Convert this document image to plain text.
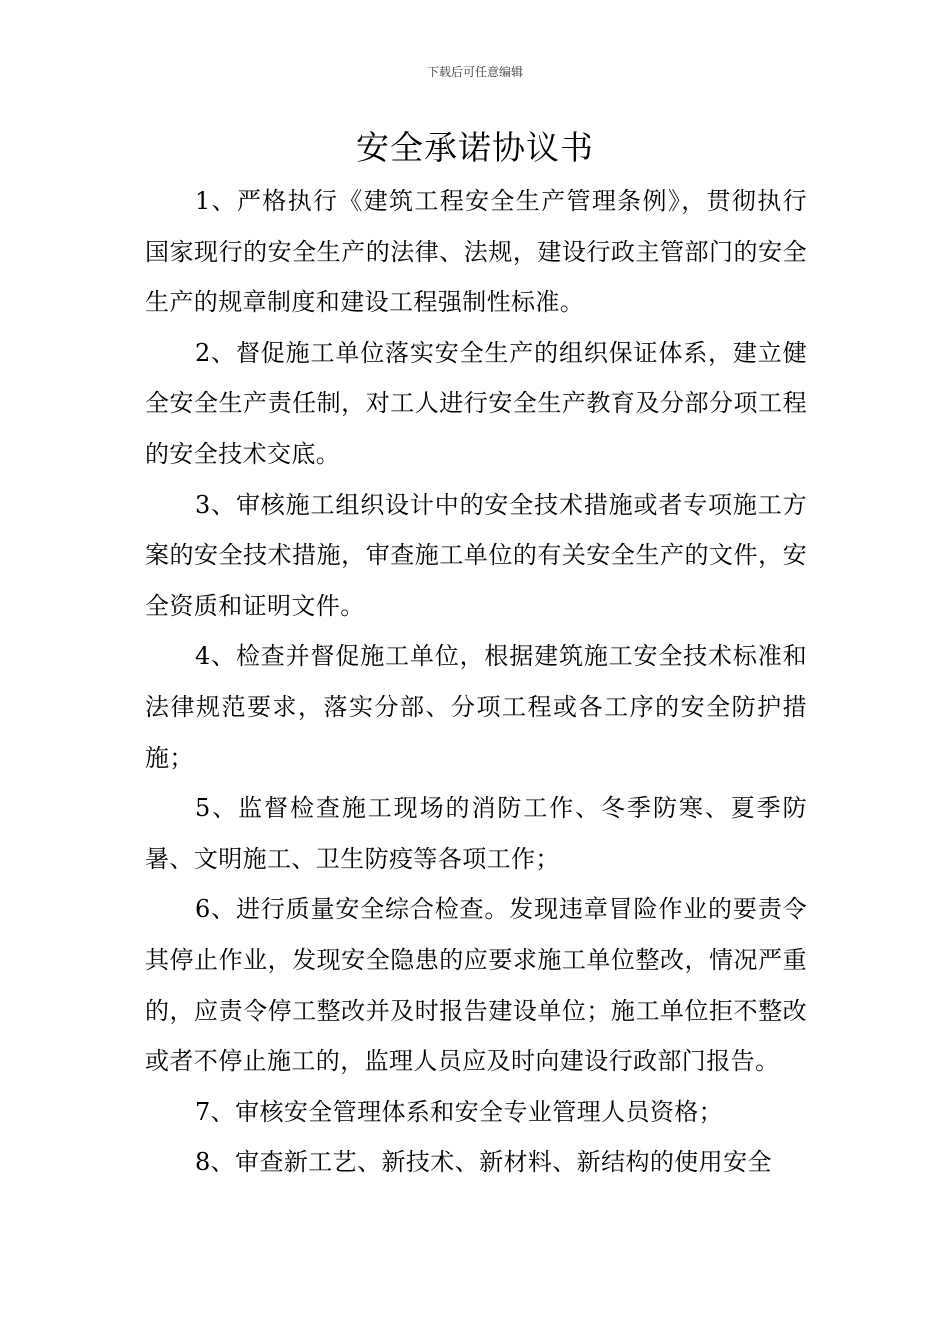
下载后可任意编辑
安全承诺协议书

1、严格执行《建筑工程安全生产管理条例》，贯彻执行国家现行的安全生产的法律、法规，建设行政主管部门的安全生产的规章制度和建设工程强制性标准。

2、督促施工单位落实安全生产的组织保证体系，建立健全安全生产责任制，对工人进行安全生产教育及分部分项工程的安全技术交底。

3、审核施工组织设计中的安全技术措施或者专项施工方案的安全技术措施，审查施工单位的有关安全生产的文件，安全资质和证明文件。

4、检查并督促施工单位，根据建筑施工安全技术标准和法律规范要求，落实分部、分项工程或各工序的安全防护措施；

5、监督检查施工现场的消防工作、冬季防寒、夏季防暑、文明施工、卫生防疫等各项工作；

6、进行质量安全综合检查。发现违章冒险作业的要责令其停止作业，发现安全隐患的应要求施工单位整改，情况严重的，应责令停工整改并及时报告建设单位；施工单位拒不整改或者不停止施工的，监理人员应及时向建设行政部门报告。

7、审核安全管理体系和安全专业管理人员资格；

8、审查新工艺、新技术、新材料、新结构的使用安全
